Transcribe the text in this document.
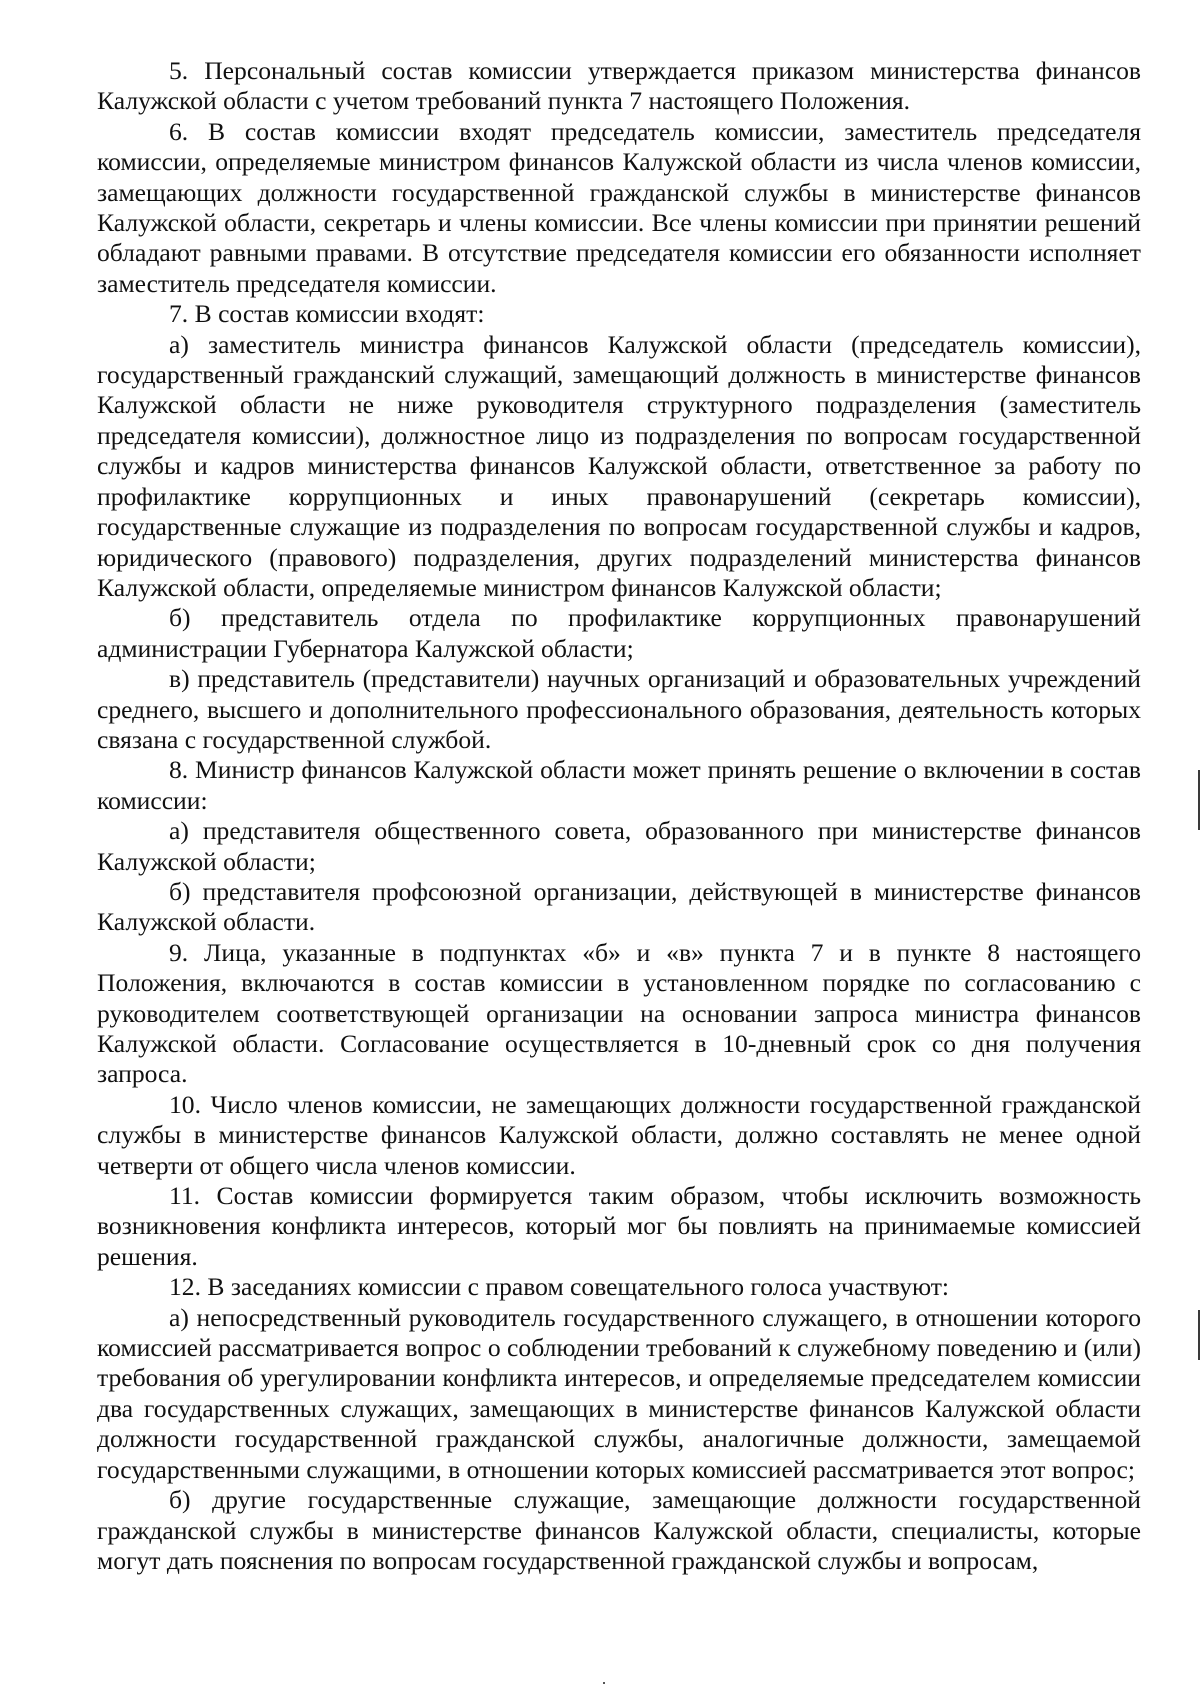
5. Персональный состав комиссии утверждается приказом министерства финансов Калужской области с учетом требований пункта 7 настоящего Положения.

6. В состав комиссии входят председатель комиссии, заместитель председателя комиссии, определяемые министром финансов Калужской области из числа членов комиссии, замещающих должности государственной гражданской службы в министерстве финансов Калужской области, секретарь и члены комиссии. Все члены комиссии при принятии решений обладают равными правами. В отсутствие председателя комиссии его обязанности исполняет заместитель председателя комиссии.

7. В состав комиссии входят:

а) заместитель министра финансов Калужской области (председатель комиссии), государственный гражданский служащий, замещающий должность в министерстве финансов Калужской области не ниже руководителя структурного подразделения (заместитель председателя комиссии), должностное лицо из подразделения по вопросам государственной службы и кадров министерства финансов Калужской области, ответственное за работу по профилактике коррупционных и иных правонарушений (секретарь комиссии), государственные служащие из подразделения по вопросам государственной службы и кадров, юридического (правового) подразделения, других подразделений министерства финансов Калужской области, определяемые министром финансов Калужской области;

б) представитель отдела по профилактике коррупционных правонарушений администрации Губернатора Калужской области;

в) представитель (представители) научных организаций и образовательных учреждений среднего, высшего и дополнительного профессионального образования, деятельность которых связана с государственной службой.

8. Министр финансов Калужской области может принять решение о включении в состав комиссии:

а) представителя общественного совета, образованного при министерстве финансов Калужской области;

б) представителя профсоюзной организации, действующей в министерстве финансов Калужской области.

9. Лица, указанные в подпунктах «б» и «в» пункта 7 и в пункте 8 настоящего Положения, включаются в состав комиссии в установленном порядке по согласованию с руководителем соответствующей организации на основании запроса министра финансов Калужской области. Согласование осуществляется в 10-дневный срок со дня получения запроса.

10. Число членов комиссии, не замещающих должности государственной гражданской службы в министерстве финансов Калужской области, должно составлять не менее одной четверти от общего числа членов комиссии.

11. Состав комиссии формируется таким образом, чтобы исключить возможность возникновения конфликта интересов, который мог бы повлиять на принимаемые комиссией решения.

12. В заседаниях комиссии с правом совещательного голоса участвуют:

а) непосредственный руководитель государственного служащего, в отношении которого комиссией рассматривается вопрос о соблюдении требований к служебному поведению и (или) требования об урегулировании конфликта интересов, и определяемые председателем комиссии два государственных служащих, замещающих в министерстве финансов Калужской области должности государственной гражданской службы, аналогичные должности, замещаемой государственными служащими, в отношении которых комиссией рассматривается этот вопрос;

б) другие государственные служащие, замещающие должности государственной гражданской службы в министерстве финансов Калужской области, специалисты, которые могут дать пояснения по вопросам государственной гражданской службы и вопросам,
